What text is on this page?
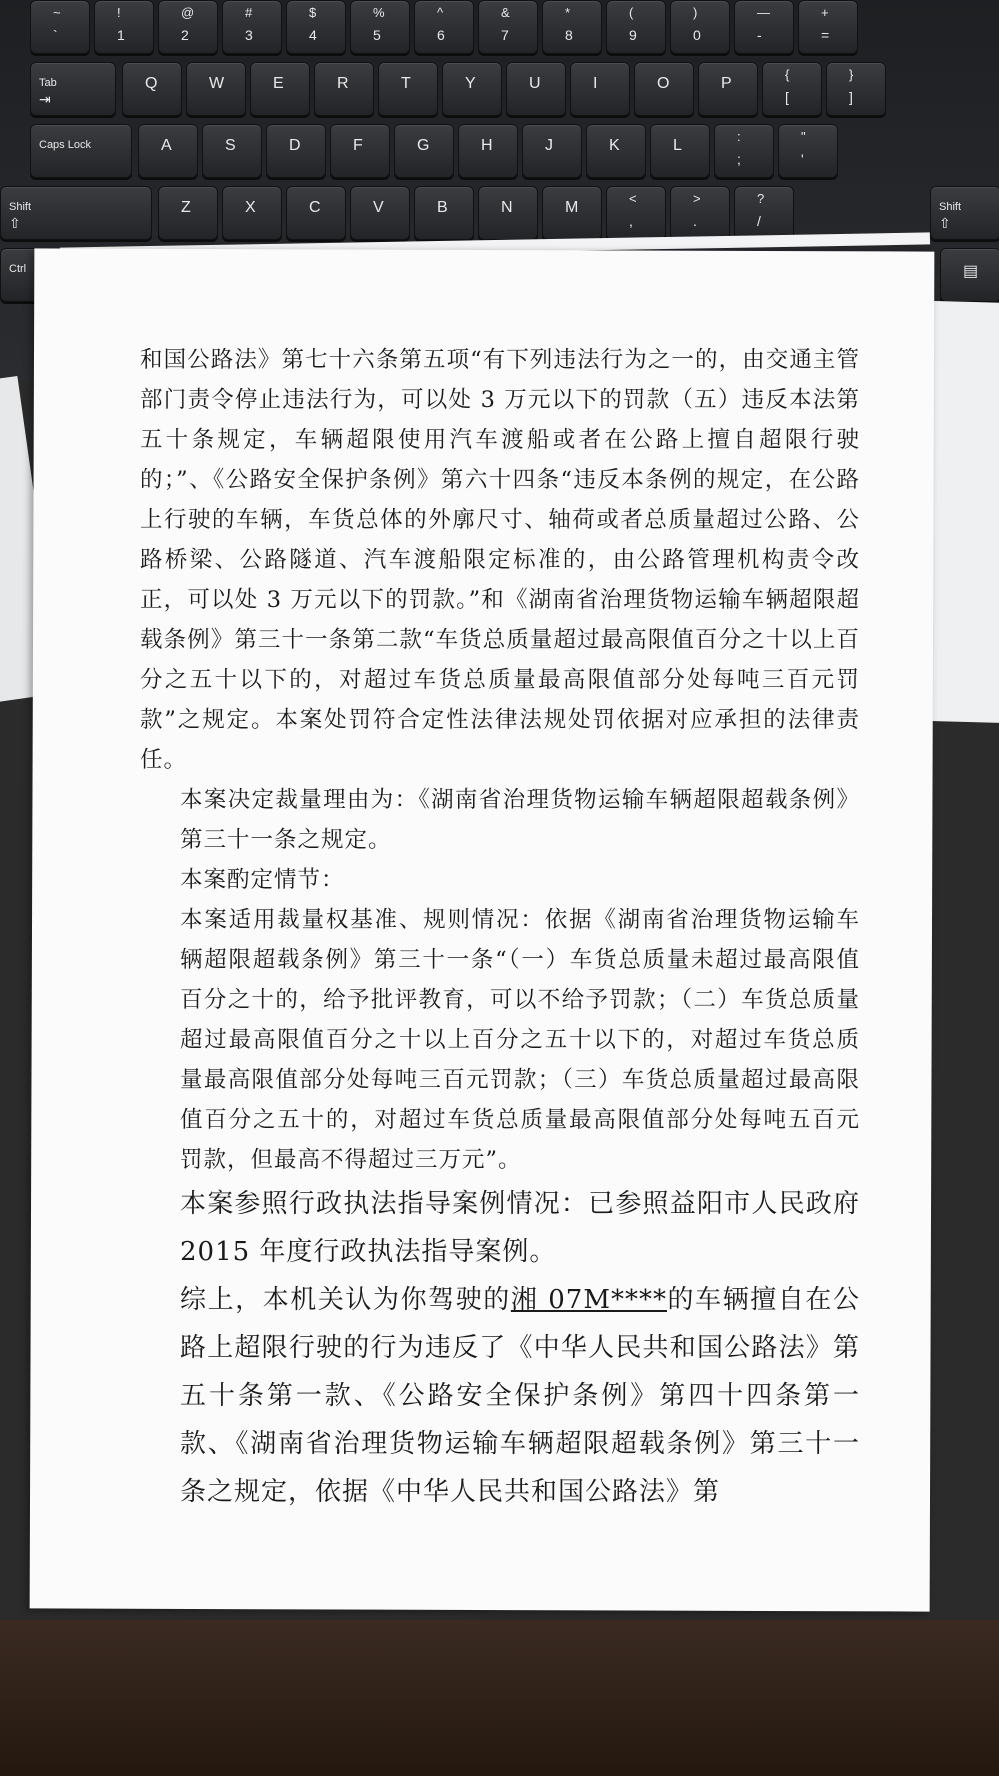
~
`
!
1
@
2
#
3
$
4
%
5
^
6
&
7
*
8
(
9
)
0
—
-
+
=
Tab
⇥
Q	W	E	R	T	Y	U	I	O	P
{
[
}
]
Caps Lock	A	S	D	F	G	H	J	K	L
:
;
"
'
Shift
⇧
Z	X	C	V	B	N	M
<
,
>
.
?
/
Shift
⇧
Ctrl	▤

和国公路法》第七十六条第五项“有下列违法行为之一的，由交通主管部门责令停止违法行为，可以处 3 万元以下的罚款（五）违反本法第五十条规定，车辆超限使用汽车渡船或者在公路上擅自超限行驶的；”、《公路安全保护条例》第六十四条“违反本条例的规定，在公路上行驶的车辆，车货总体的外廓尺寸、轴荷或者总质量超过公路、公路桥梁、公路隧道、汽车渡船限定标准的，由公路管理机构责令改正，可以处 3 万元以下的罚款。”和《湖南省治理货物运输车辆超限超载条例》第三十一条第二款“车货总质量超过最高限值百分之十以上百分之五十以下的，对超过车货总质量最高限值部分处每吨三百元罚款”之规定。本案处罚符合定性法律法规处罚依据对应承担的法律责任。

本案决定裁量理由为：《湖南省治理货物运输车辆超限超载条例》第三十一条之规定。

本案酌定情节：

本案适用裁量权基准、规则情况：依据《湖南省治理货物运输车辆超限超载条例》第三十一条“（一）车货总质量未超过最高限值百分之十的，给予批评教育，可以不给予罚款；（二）车货总质量超过最高限值百分之十以上百分之五十以下的，对超过车货总质量最高限值部分处每吨三百元罚款；（三）车货总质量超过最高限值百分之五十的，对超过车货总质量最高限值部分处每吨五百元罚款，但最高不得超过三万元”。

本案参照行政执法指导案例情况：已参照益阳市人民政府 2015 年度行政执法指导案例。

综上，本机关认为你驾驶的湘 07M****的车辆擅自在公路上超限行驶的行为违反了《中华人民共和国公路法》第五十条第一款、《公路安全保护条例》第四十四条第一款、《湖南省治理货物运输车辆超限超载条例》第三十一条之规定，依据《中华人民共和国公路法》第
